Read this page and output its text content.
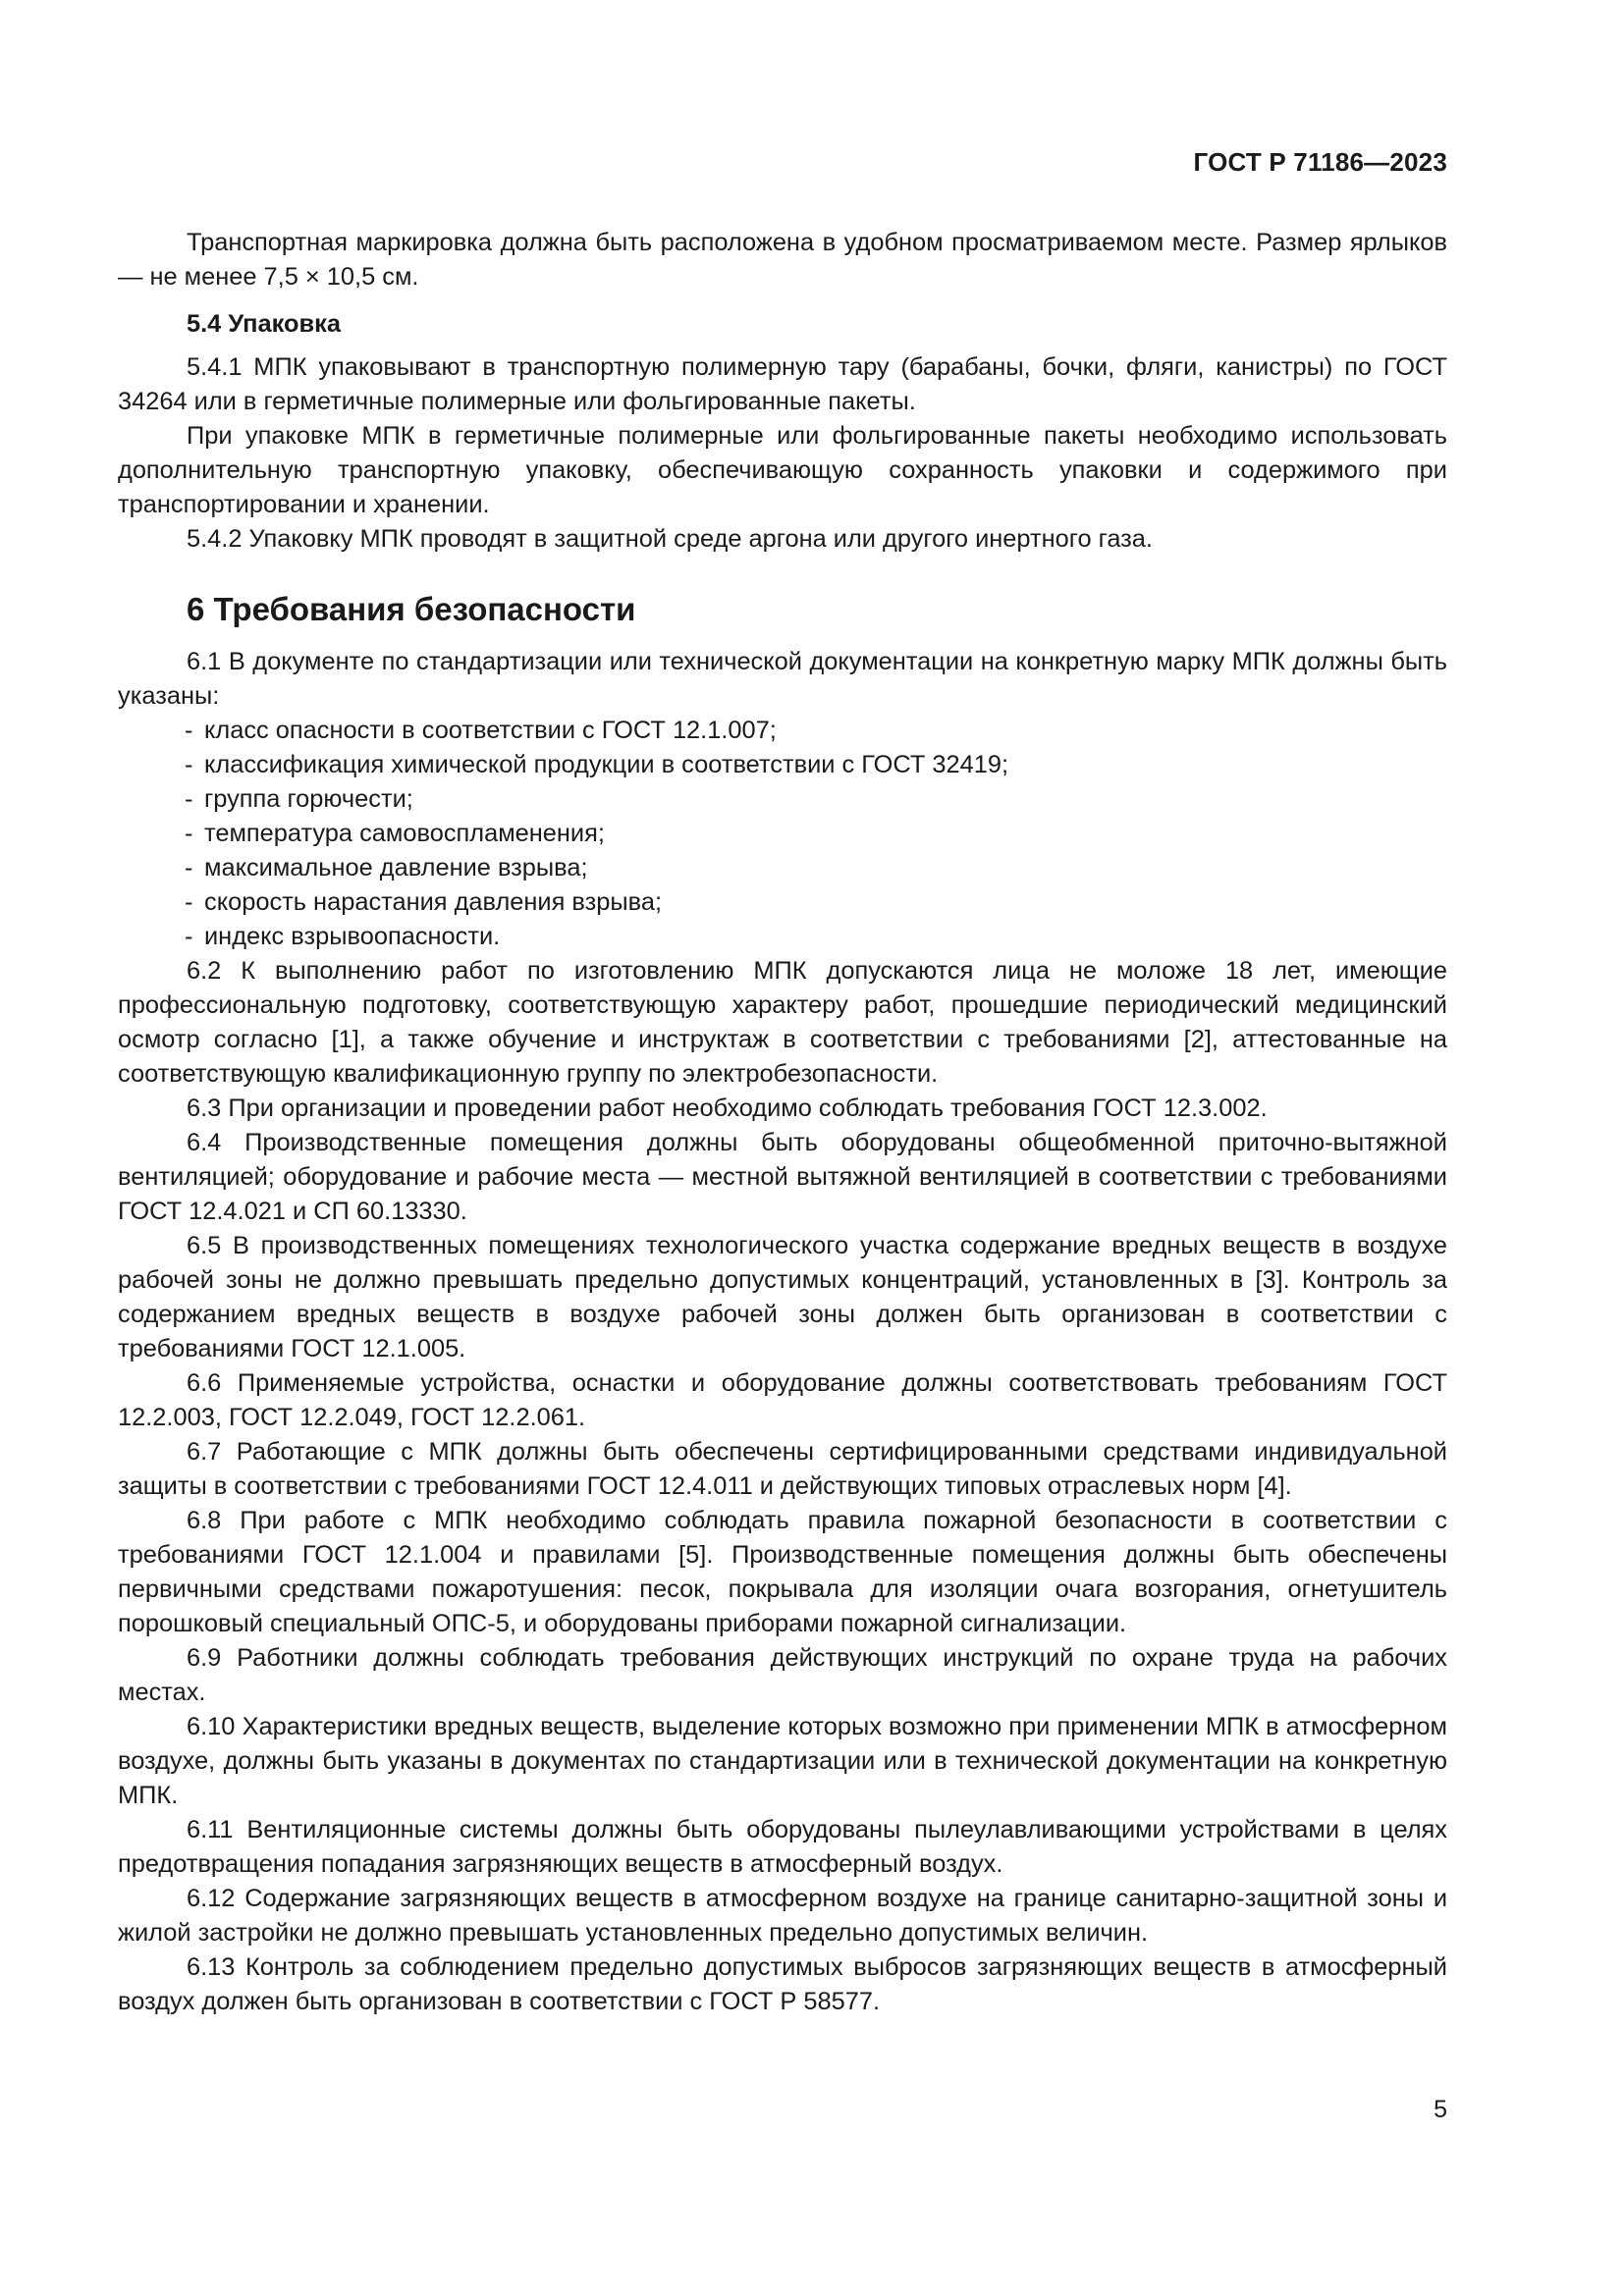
ГОСТ Р 71186—2023

Транспортная маркировка должна быть расположена в удобном просматриваемом месте. Размер ярлыков — не менее 7,5 × 10,5 см.

5.4 Упаковка

5.4.1 МПК упаковывают в транспортную полимерную тару (барабаны, бочки, фляги, канистры) по ГОСТ 34264 или в герметичные полимерные или фольгированные пакеты.

При упаковке МПК в герметичные полимерные или фольгированные пакеты необходимо использовать дополнительную транспортную упаковку, обеспечивающую сохранность упаковки и содержимого при транспортировании и хранении.

5.4.2 Упаковку МПК проводят в защитной среде аргона или другого инертного газа.

6 Требования безопасности

6.1 В документе по стандартизации или технической документации на конкретную марку МПК должны быть указаны:

- класс опасности в соответствии с ГОСТ 12.1.007;
- классификация химической продукции в соответствии с ГОСТ 32419;
- группа горючести;
- температура самовоспламенения;
- максимальное давление взрыва;
- скорость нарастания давления взрыва;
- индекс взрывоопасности.

6.2 К выполнению работ по изготовлению МПК допускаются лица не моложе 18 лет, имеющие профессиональную подготовку, соответствующую характеру работ, прошедшие периодический медицинский осмотр согласно [1], а также обучение и инструктаж в соответствии с требованиями [2], аттестованные на соответствующую квалификационную группу по электробезопасности.

6.3 При организации и проведении работ необходимо соблюдать требования ГОСТ 12.3.002.

6.4 Производственные помещения должны быть оборудованы общеобменной приточно-вытяжной вентиляцией; оборудование и рабочие места — местной вытяжной вентиляцией в соответствии с требованиями ГОСТ 12.4.021 и СП 60.13330.

6.5 В производственных помещениях технологического участка содержание вредных веществ в воздухе рабочей зоны не должно превышать предельно допустимых концентраций, установленных в [3]. Контроль за содержанием вредных веществ в воздухе рабочей зоны должен быть организован в соответствии с требованиями ГОСТ 12.1.005.

6.6 Применяемые устройства, оснастки и оборудование должны соответствовать требованиям ГОСТ 12.2.003, ГОСТ 12.2.049, ГОСТ 12.2.061.

6.7 Работающие с МПК должны быть обеспечены сертифицированными средствами индивидуальной защиты в соответствии с требованиями ГОСТ 12.4.011 и действующих типовых отраслевых норм [4].

6.8 При работе с МПК необходимо соблюдать правила пожарной безопасности в соответствии с требованиями ГОСТ 12.1.004 и правилами [5]. Производственные помещения должны быть обеспечены первичными средствами пожаротушения: песок, покрывала для изоляции очага возгорания, огнетушитель порошковый специальный ОПС-5, и оборудованы приборами пожарной сигнализации.

6.9 Работники должны соблюдать требования действующих инструкций по охране труда на рабочих местах.

6.10 Характеристики вредных веществ, выделение которых возможно при применении МПК в атмосферном воздухе, должны быть указаны в документах по стандартизации или в технической документации на конкретную МПК.

6.11 Вентиляционные системы должны быть оборудованы пылеулавливающими устройствами в целях предотвращения попадания загрязняющих веществ в атмосферный воздух.

6.12 Содержание загрязняющих веществ в атмосферном воздухе на границе санитарно-защитной зоны и жилой застройки не должно превышать установленных предельно допустимых величин.

6.13 Контроль за соблюдением предельно допустимых выбросов загрязняющих веществ в атмосферный воздух должен быть организован в соответствии с ГОСТ Р 58577.

5
